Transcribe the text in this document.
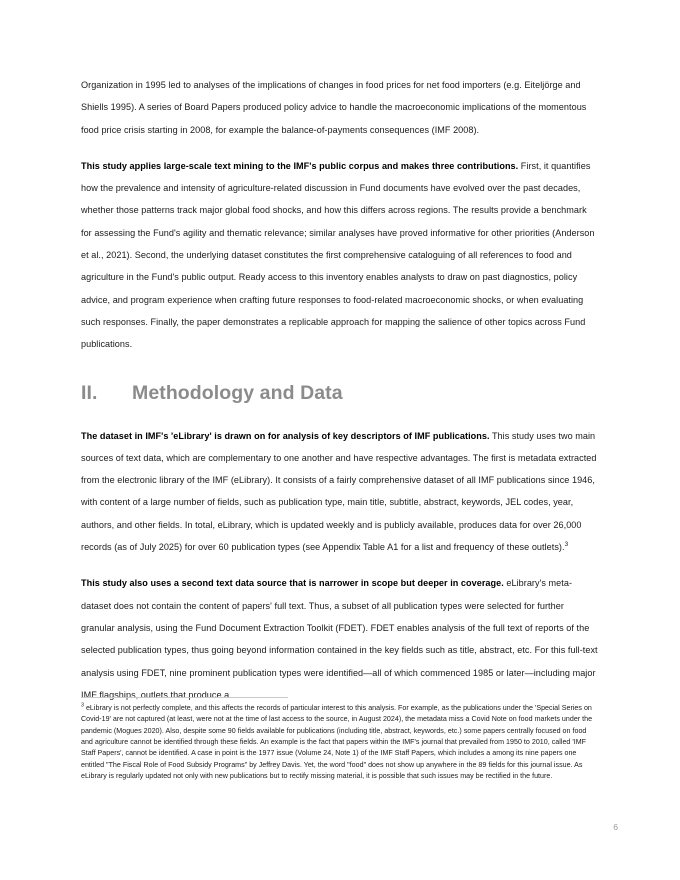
Organization in 1995 led to analyses of the implications of changes in food prices for net food importers (e.g. Eiteljörge and Shiells 1995). A series of Board Papers produced policy advice to handle the macroeconomic implications of the momentous food price crisis starting in 2008, for example the balance-of-payments consequences (IMF 2008).

This study applies large-scale text mining to the IMF's public corpus and makes three contributions. First, it quantifies how the prevalence and intensity of agriculture-related discussion in Fund documents have evolved over the past decades, whether those patterns track major global food shocks, and how this differs across regions. The results provide a benchmark for assessing the Fund's agility and thematic relevance; similar analyses have proved informative for other priorities (Anderson et al., 2021). Second, the underlying dataset constitutes the first comprehensive cataloguing of all references to food and agriculture in the Fund's public output. Ready access to this inventory enables analysts to draw on past diagnostics, policy advice, and program experience when crafting future responses to food-related macroeconomic shocks, or when evaluating such responses. Finally, the paper demonstrates a replicable approach for mapping the salience of other topics across Fund publications.

II.	Methodology and Data

The dataset in IMF's 'eLibrary' is drawn on for analysis of key descriptors of IMF publications. This study uses two main sources of text data, which are complementary to one another and have respective advantages. The first is metadata extracted from the electronic library of the IMF (eLibrary). It consists of a fairly comprehensive dataset of all IMF publications since 1946, with content of a large number of fields, such as publication type, main title, subtitle, abstract, keywords, JEL codes, year, authors, and other fields. In total, eLibrary, which is updated weekly and is publicly available, produces data for over 26,000 records (as of July 2025) for over 60 publication types (see Appendix Table A1 for a list and frequency of these outlets).$^3$

This study also uses a second text data source that is narrower in scope but deeper in coverage. eLibrary's meta-dataset does not contain the content of papers' full text. Thus, a subset of all publication types were selected for further granular analysis, using the Fund Document Extraction Toolkit (FDET). FDET enables analysis of the full text of reports of the selected publication types, thus going beyond information contained in the key fields such as title, abstract, etc. For this full-text analysis using FDET, nine prominent publication types were identified—all of which commenced 1985 or later—including major IMF flagships, outlets that produce a

$^3$ eLibrary is not perfectly complete, and this affects the records of particular interest to this analysis. For example, as the publications under the 'Special Series on Covid-19' are not captured (at least, were not at the time of last access to the source, in August 2024), the metadata miss a Covid Note on food markets under the pandemic (Mogues 2020). Also, despite some 90 fields available for publications (including title, abstract, keywords, etc.) some papers centrally focused on food and agriculture cannot be identified through these fields. An example is the fact that papers within the IMF's journal that prevailed from 1950 to 2010, called 'IMF Staff Papers', cannot be identified. A case in point is the 1977 issue (Volume 24, Note 1) of the IMF Staff Papers, which includes a among its nine papers one entitled "The Fiscal Role of Food Subsidy Programs" by Jeffrey Davis. Yet, the word "food" does not show up anywhere in the 89 fields for this journal issue. As eLibrary is regularly updated not only with new publications but to rectify missing material, it is possible that such issues may be rectified in the future.

6
